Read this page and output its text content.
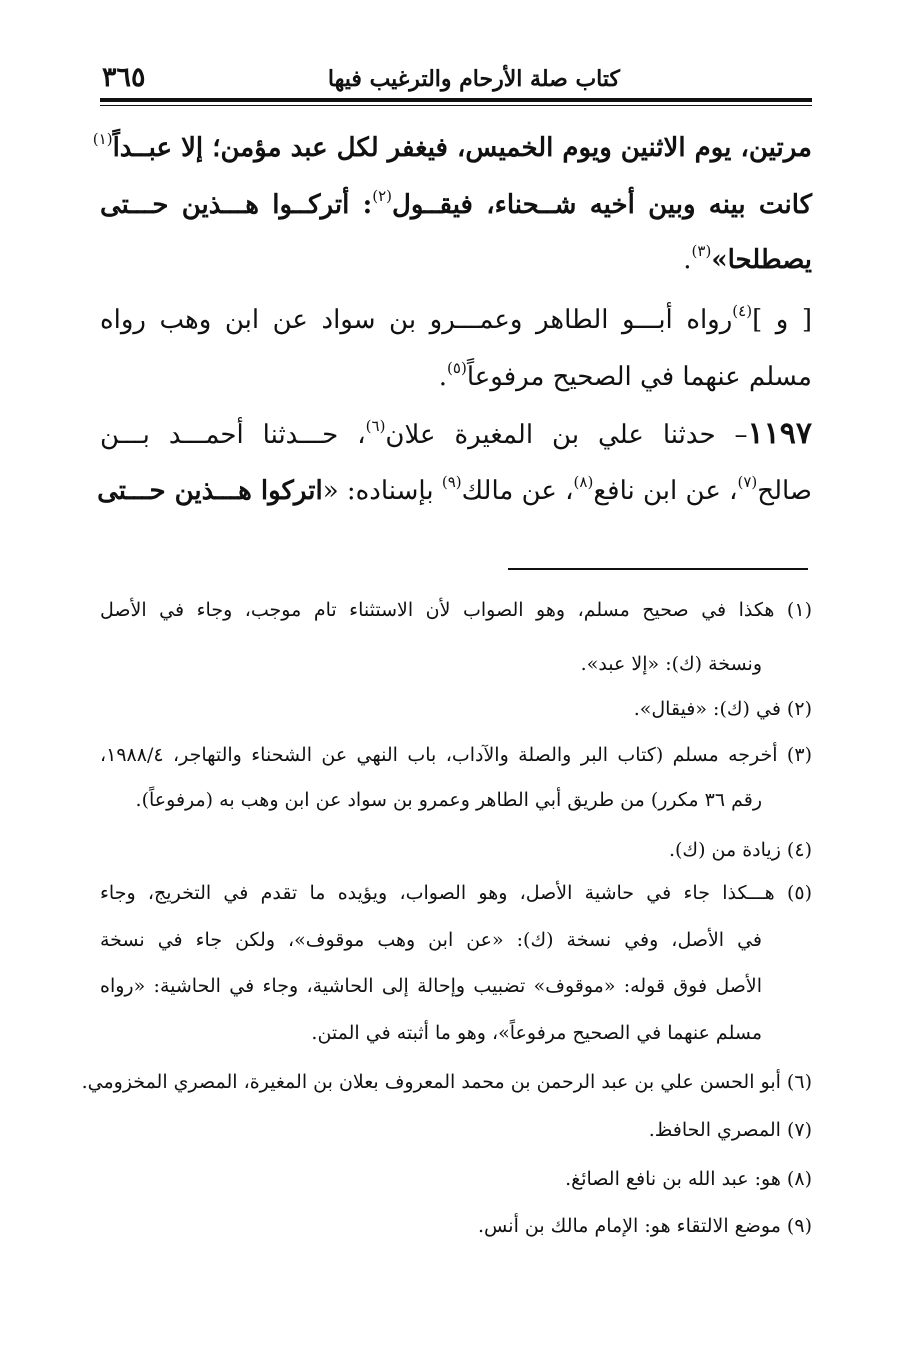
كتاب صلة الأرحام والترغيب فيها
٣٦٥
مرتين، يوم الاثنين ويوم الخميس، فيغفر لكل عبد مؤمن؛ إلا عبــداً$^{(١)}$
كانت بينه وبين أخيه شــحناء، فيقــول$^{(٢)}$: أتركــوا هـــذين حـــتى
يصطلحا»$^{(٣)}$.
[ و ]$^{(٤)}$رواه أبـــو الطاهر وعمـــرو بن سواد عن ابن وهب رواه
مسلم عنهما في الصحيح مرفوعاً$^{(٥)}$.
١١٩٧– حدثنا علي بن المغيرة علان$^{(٦)}$، حـــدثنا أحمـــد بـــن
صالح$^{(٧)}$، عن ابن نافع$^{(٨)}$، عن مالك$^{(٩)}$ بإسناده: «اتركوا هـــذين حـــتى
(١) هكذا في صحيح مسلم، وهو الصواب لأن الاستثناء تام موجب، وجاء في الأصل
ونسخة (ك): «إلا عبد».
(٢) في (ك): «فيقال».
(٣) أخرجه مسلم (كتاب البر والصلة والآداب، باب النهي عن الشحناء والتهاجر، ١٩٨٨/٤،
رقم ٣٦ مكرر) من طريق أبي الطاهر وعمرو بن سواد عن ابن وهب به (مرفوعاً).
(٤) زيادة من (ك).
(٥) هـــكذا جاء في حاشية الأصل، وهو الصواب، ويؤيده ما تقدم في التخريج، وجاء
في الأصل، وفي نسخة (ك): «عن ابن وهب موقوف»، ولكن جاء في نسخة
الأصل فوق قوله: «موقوف» تضبيب وإحالة إلى الحاشية، وجاء في الحاشية: «رواه
مسلم عنهما في الصحيح مرفوعاً»، وهو ما أثبته في المتن.
(٦) أبو الحسن علي بن عبد الرحمن بن محمد المعروف بعلان بن المغيرة، المصري المخزومي.
(٧) المصري الحافظ.
(٨) هو: عبد الله بن نافع الصائغ.
(٩) موضع الالتقاء هو: الإمام مالك بن أنس.
